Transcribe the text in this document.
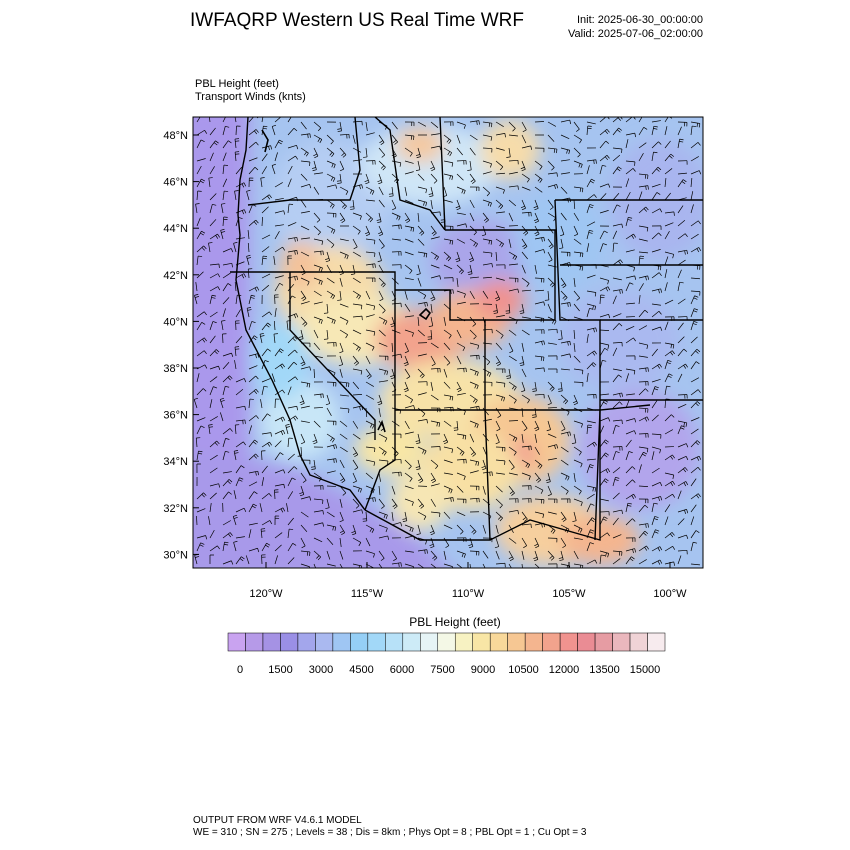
IWFAQRP Western US Real Time WRF	Init: 2025-06-30_00:00:00
Valid: 2025-07-06_02:00:00
PBL Height (feet)
Transport Winds (knts)
48°N
46°N
44°N
42°N
40°N
38°N
36°N
34°N
32°N
30°N
120°W	115°W	110°W	105°W	100°W
PBL Height (feet)
0 1500 3000 4500 6000 7500 9000 10500 12000 13500 15000
OUTPUT FROM WRF V4.6.1 MODEL
WE = 310 ; SN = 275 ; Levels = 38 ; Dis = 8km ; Phys Opt = 8 ; PBL Opt = 1 ; Cu Opt = 3
